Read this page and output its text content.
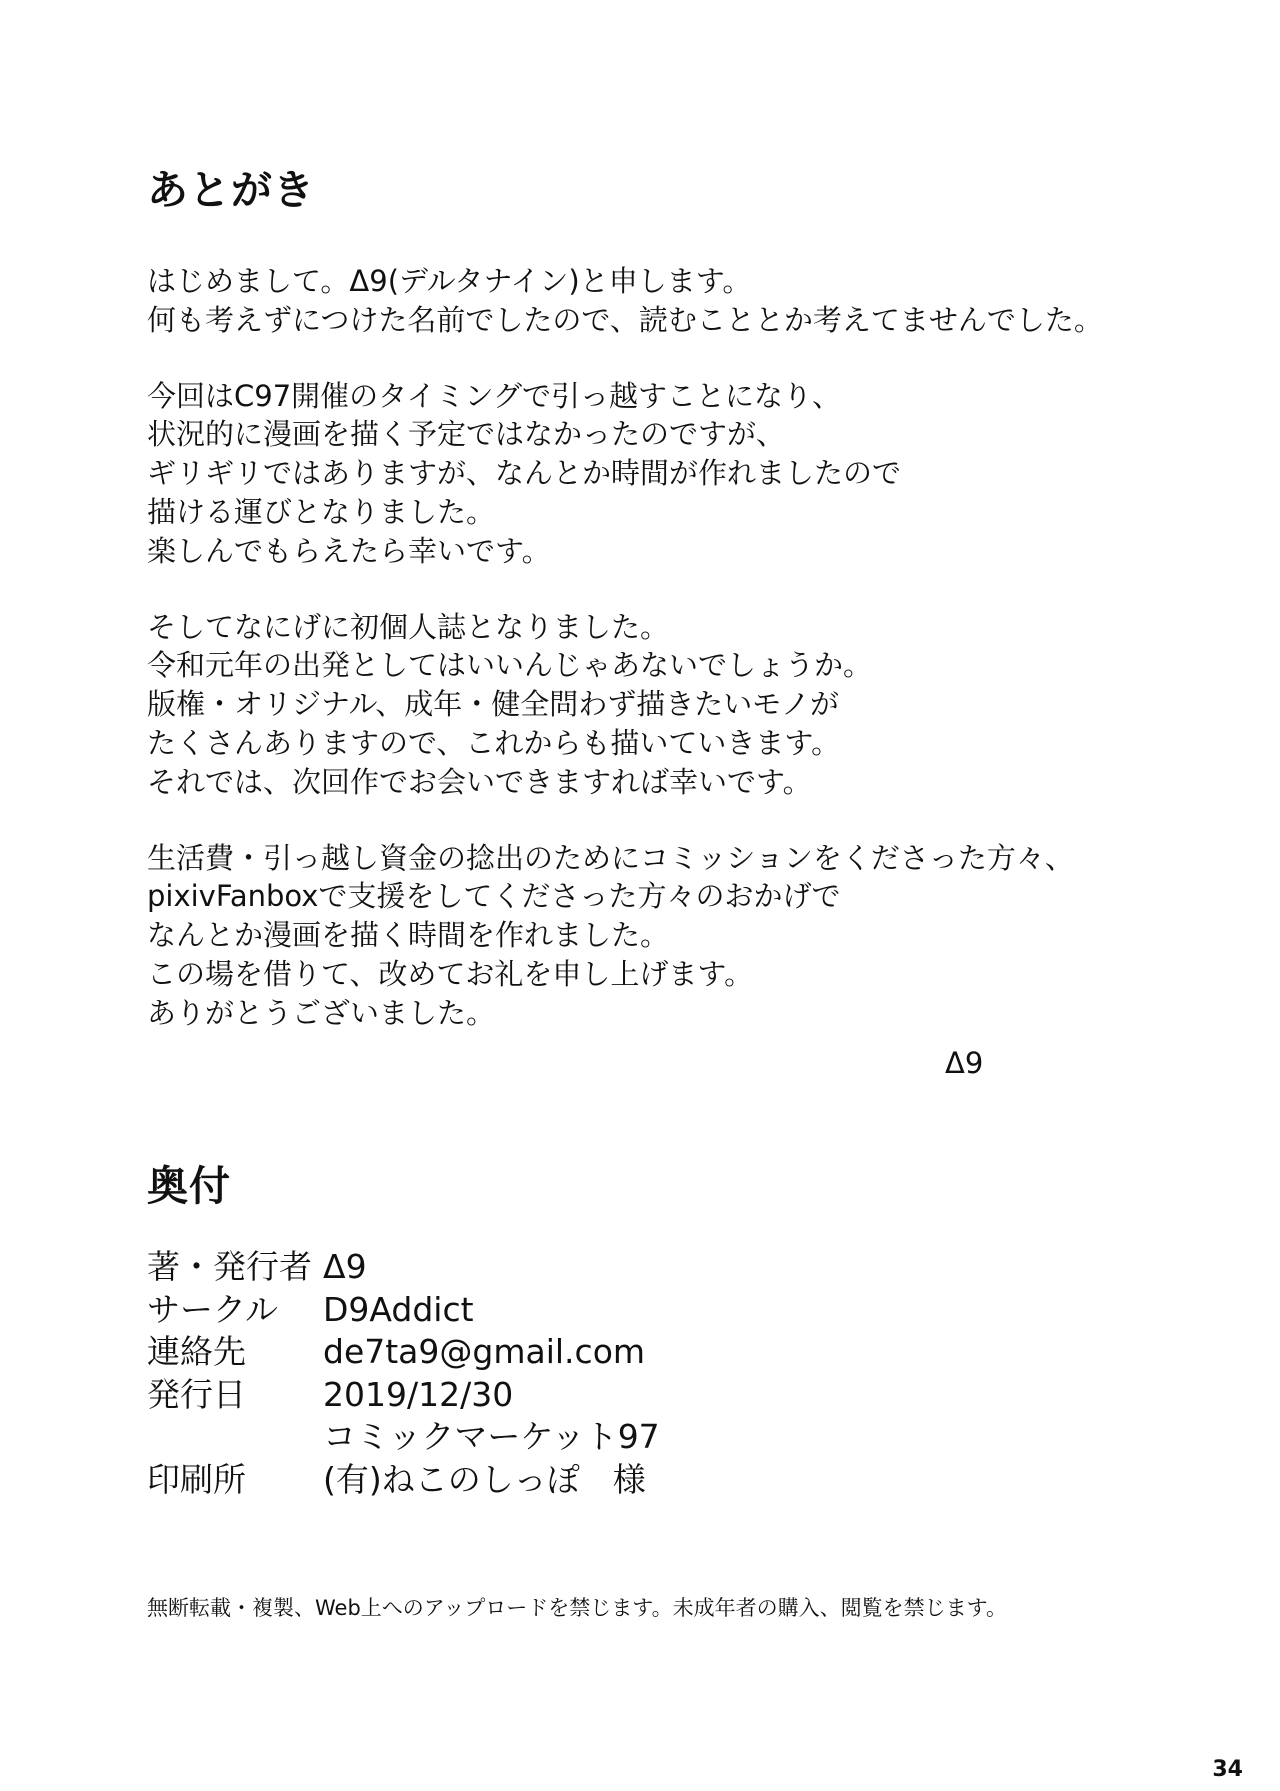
あとがき
はじめまして。Δ9(デルタナイン)と申します。
何も考えずにつけた名前でしたので、読むこととか考えてませんでした。
今回はC97開催のタイミングで引っ越すことになり、
状況的に漫画を描く予定ではなかったのですが、
ギリギリではありますが、なんとか時間が作れましたので
描ける運びとなりました。
楽しんでもらえたら幸いです。
そしてなにげに初個人誌となりました。
令和元年の出発としてはいいんじゃあないでしょうか。
版権・オリジナル、成年・健全問わず描きたいモノが
たくさんありますので、これからも描いていきます。
それでは、次回作でお会いできますれば幸いです。
生活費・引っ越し資金の捻出のためにコミッションをくださった方々、
pixivFanboxで支援をしてくださった方々のおかげで
なんとか漫画を描く時間を作れました。
この場を借りて、改めてお礼を申し上げます。
ありがとうございました。
Δ9
奥付
著・発行者 Δ9
サークル	D9Addict
連絡先	de7ta9@gmail.com
発行日	2019/12/30
コミックマーケット97
印刷所	(有)ねこのしっぽ　様
無断転載・複製、Web上へのアップロードを禁じます。未成年者の購入、閲覧を禁じます。
34
